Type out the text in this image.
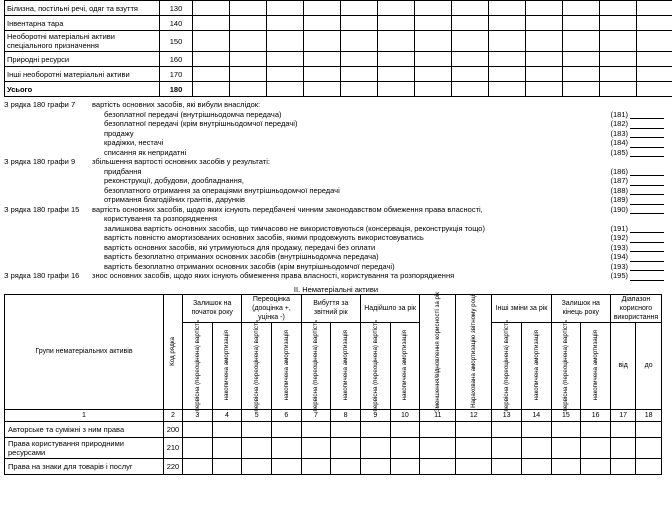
Білизна, постільні речі, одяг та взуття	130																
Інвентарна тара	140																
Необоротні матеріальні активи спеціального призначення	150																
Природні ресурси	160																
Інші необоротні матеріальні активи	170																
Усього	180																
З рядка 180 графи 7	вартість основних засобів, які вибули внаслідок:
безоплатної передачі (внутрішньодомча передача)	(181)
безоплатної передачі (крім внутрішньодомчої передачі)	(182)
продажу	(183)
крадіжки, нестачі	(184)
списання як непридатні	(185)
З рядка 180 графи 9	збільшення вартості основних засобів у результаті:
придбання	(186)
реконструкції, добудови, дообладнання,	(187)
безоплатного отримання за операціями внутрішньодомчої передачі	(188)
отримання благодійних грантів, дарунків	(189)
З рядка 180 графи 15	вартість основних засобів, щодо яких існують передбачені чинним законодавством обмеження права власності,	(190)
користування та розпорядження
залишкова вартість основних засобів, що тимчасово не використовуються (консервація, реконструкція тощо)	(191)
вартість повністю амортизованих основних засобів, якими продовжують використовуватись	(192)
вартість основних засобів, які утримуються для продажу, передачі без оплати	(193)
вартість безоплатно отриманих основних засобів (внутрішньодомча передача)	(194)
вартість безоплатно отриманих основних засобів (крім внутрішньодомчої передачі)	(193)
З рядка 180 графи 16	знос основних засобів, щодо яких існують обмеження права власності, користування та розпорядження	(195)
II. Нематеріальні активи
Групи нематеріальних активів	Код рядка	Залишок на початок року		Переоцінка (дооцінка +, уцінка -)		Вибуття за звітний рік		Надійшло за рік		Зменшення/відновлення корисності за рік	Нарахована амортизацію звітному році	Інші зміни за рік		Залишок на кінець року		Діапазон корисного використання	

		первісна (переоцінена) вартість	накопичена амортизація	первісна (переоцінена) вартість	накопичена амортизація	первісна (переоцінена) вартість	накопичена амортизація	первісна (переоцінена) вартість	накопичена амортизація			первісна (переоцінена) вартість	накопичена амортизація	первісна (переоцінена) вартість	накопичена амортизація	від	до
1	2	3	4	5	6	7	8	9	10	11	12	13	14	15	16	17	18
Авторське та суміжні з ним права	200																
Права користування природними ресурсами	210																
Права на знаки для товарів і послуг	220																
